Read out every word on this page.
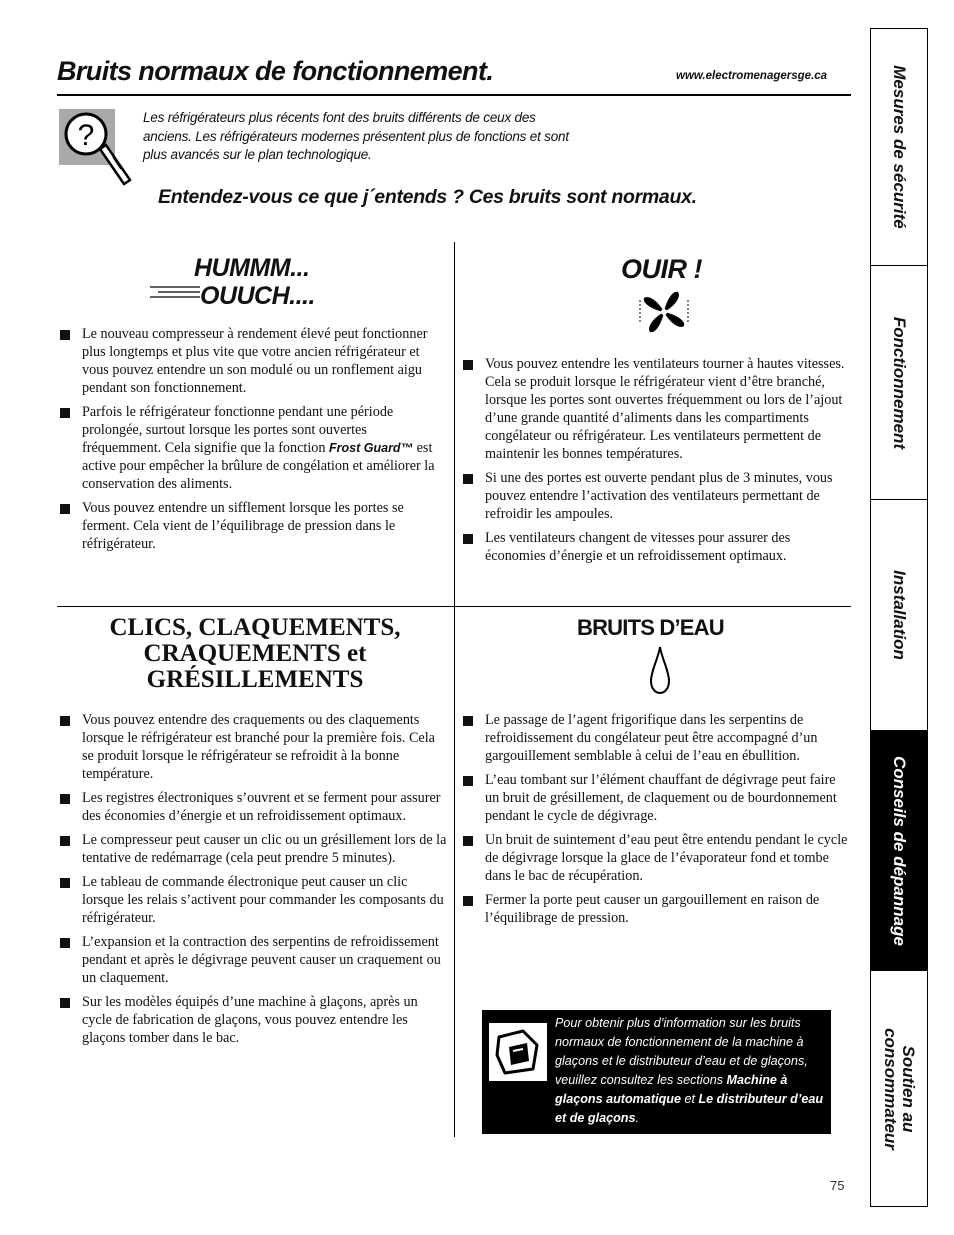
Bruits normaux de fonctionnement.	www.electromenagersge.ca
?
Les réfrigérateurs plus récents font des bruits différents de ceux des anciens. Les réfrigérateurs modernes présentent plus de fonctions et sont plus avancés sur le plan technologique.
Entendez-vous ce que j´entends ? Ces bruits sont normaux.
HUMMM...
OUUCH....
Le nouveau compresseur à rendement élevé peut fonctionner plus longtemps et plus vite que votre ancien réfrigérateur et vous pouvez entendre un son modulé ou un ronflement aigu pendant son fonctionnement.
Parfois le réfrigérateur fonctionne pendant une période prolongée, surtout lorsque les portes sont ouvertes fréquemment. Cela signifie que la fonction Frost Guard™ est active pour empêcher la brûlure de congélation et améliorer la conservation des aliments.
Vous pouvez entendre un sifflement lorsque les portes se ferment. Cela vient de l’équilibrage de pression dans le réfrigérateur.
OUIR !
Vous pouvez entendre les ventilateurs tourner à hautes vitesses. Cela se produit lorsque le réfrigérateur vient d’être branché, lorsque les portes sont ouvertes fréquemment ou lors de l’ajout d’une grande quantité d’aliments dans les compartiments congélateur ou réfrigérateur. Les ventilateurs permettent de maintenir les bonnes températures.
Si une des portes est ouverte pendant plus de 3 minutes, vous pouvez entendre l’activation des ventilateurs permettant de refroidir les ampoules.
Les ventilateurs changent de vitesses pour assurer des économies d’énergie et un refroidissement optimaux.
CLICS, CLAQUEMENTS,
CRAQUEMENTS et
GRÉSILLEMENTS
Vous pouvez entendre des craquements ou des claquements lorsque le réfrigérateur est branché pour la première fois. Cela se produit lorsque le réfrigérateur se refroidit à la bonne température.
Les registres électroniques s’ouvrent et se ferment pour assurer des économies d’énergie et un refroidissement optimaux.
Le compresseur peut causer un clic ou un grésillement lors de la tentative de redémarrage (cela peut prendre 5 minutes).
Le tableau de commande électronique peut causer un clic lorsque les relais s’activent pour commander les composants du réfrigérateur.
L’expansion et la contraction des serpentins de refroidissement pendant et après le dégivrage peuvent causer un craquement ou un claquement.
Sur les modèles équipés d’une machine à glaçons, après un cycle de fabrication de glaçons, vous pouvez entendre les glaçons tomber dans le bac.
BRUITS D’EAU
Le passage de l’agent frigorifique dans les serpentins de refroidissement du congélateur peut être accompagné d’un gargouillement semblable à celui de l’eau en ébullition.
L’eau tombant sur l’élément chauffant de dégivrage peut faire un bruit de grésillement, de claquement ou de bourdonnement pendant le cycle de dégivrage.
Un bruit de suintement d’eau peut être entendu pendant le cycle de dégivrage lorsque la glace de l’évaporateur fond et tombe dans le bac de récupération.
Fermer la porte peut causer un gargouillement en raison de l’équilibrage de pression.
Pour obtenir plus d’information sur les bruits normaux de fonctionnement de la machine à glaçons et le distributeur d’eau et de glaçons, veuillez consultez les sections Machine à glaçons automatique et Le distributeur d’eau et de glaçons.
75
Mesures de sécurité
Fonctionnement
Installation
Conseils de dépannage
Soutien au
consommateur
